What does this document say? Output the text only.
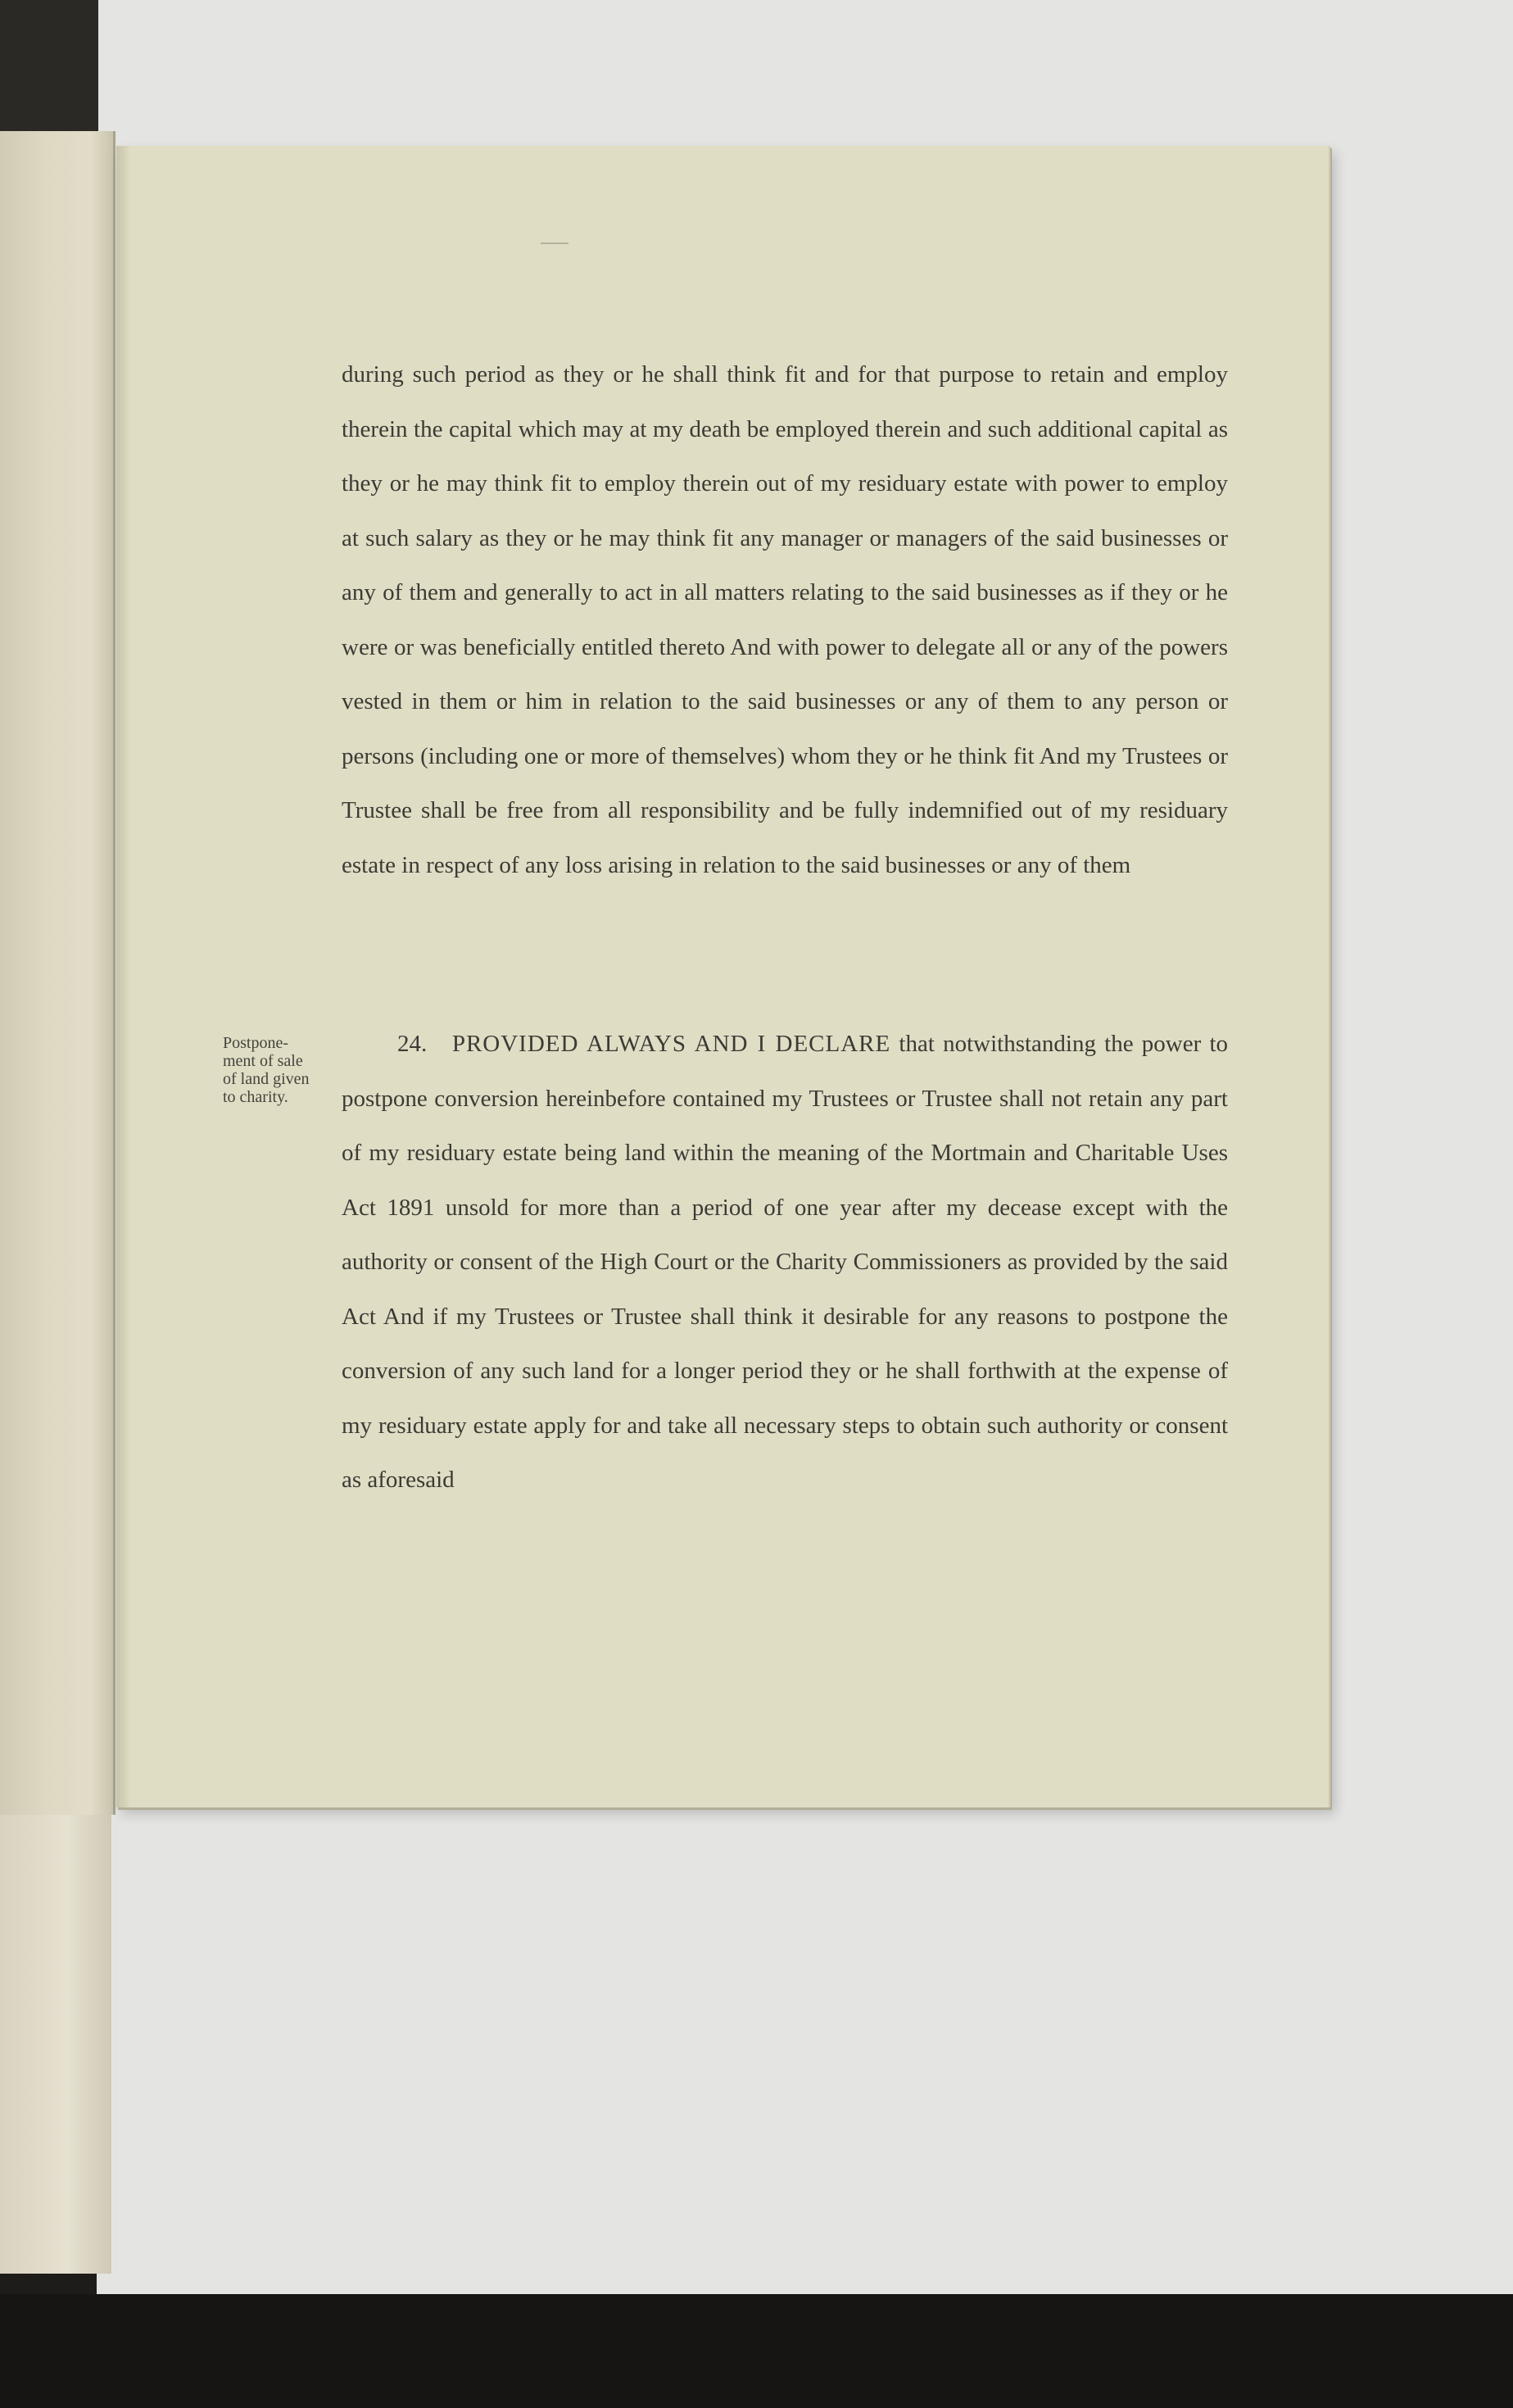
during such period as they or he shall think fit and for that purpose to retain and employ therein the capital which may at my death be employed therein and such additional capital as they or he may think fit to employ therein out of my residuary estate with power to employ at such salary as they or he may think fit any manager or managers of the said businesses or any of them and generally to act in all matters relating to the said businesses as if they or he were or was beneficially entitled thereto And with power to delegate all or any of the powers vested in them or him in relation to the said businesses or any of them to any person or persons (including one or more of themselves) whom they or he think fit And my Trustees or Trustee shall be free from all responsibility and be fully indemnified out of my residuary estate in respect of any loss arising in relation to the said businesses or any of them

Postpone-
ment of sale
of land given
to charity.

24. PROVIDED ALWAYS AND I DECLARE that notwithstanding the power to postpone conversion hereinbefore contained my Trustees or Trustee shall not retain any part of my residuary estate being land within the meaning of the Mortmain and Charitable Uses Act 1891 unsold for more than a period of one year after my decease except with the authority or consent of the High Court or the Charity Commissioners as provided by the said Act And if my Trustees or Trustee shall think it desirable for any reasons to postpone the conversion of any such land for a longer period they or he shall forthwith at the expense of my residuary estate apply for and take all necessary steps to obtain such authority or consent as aforesaid
